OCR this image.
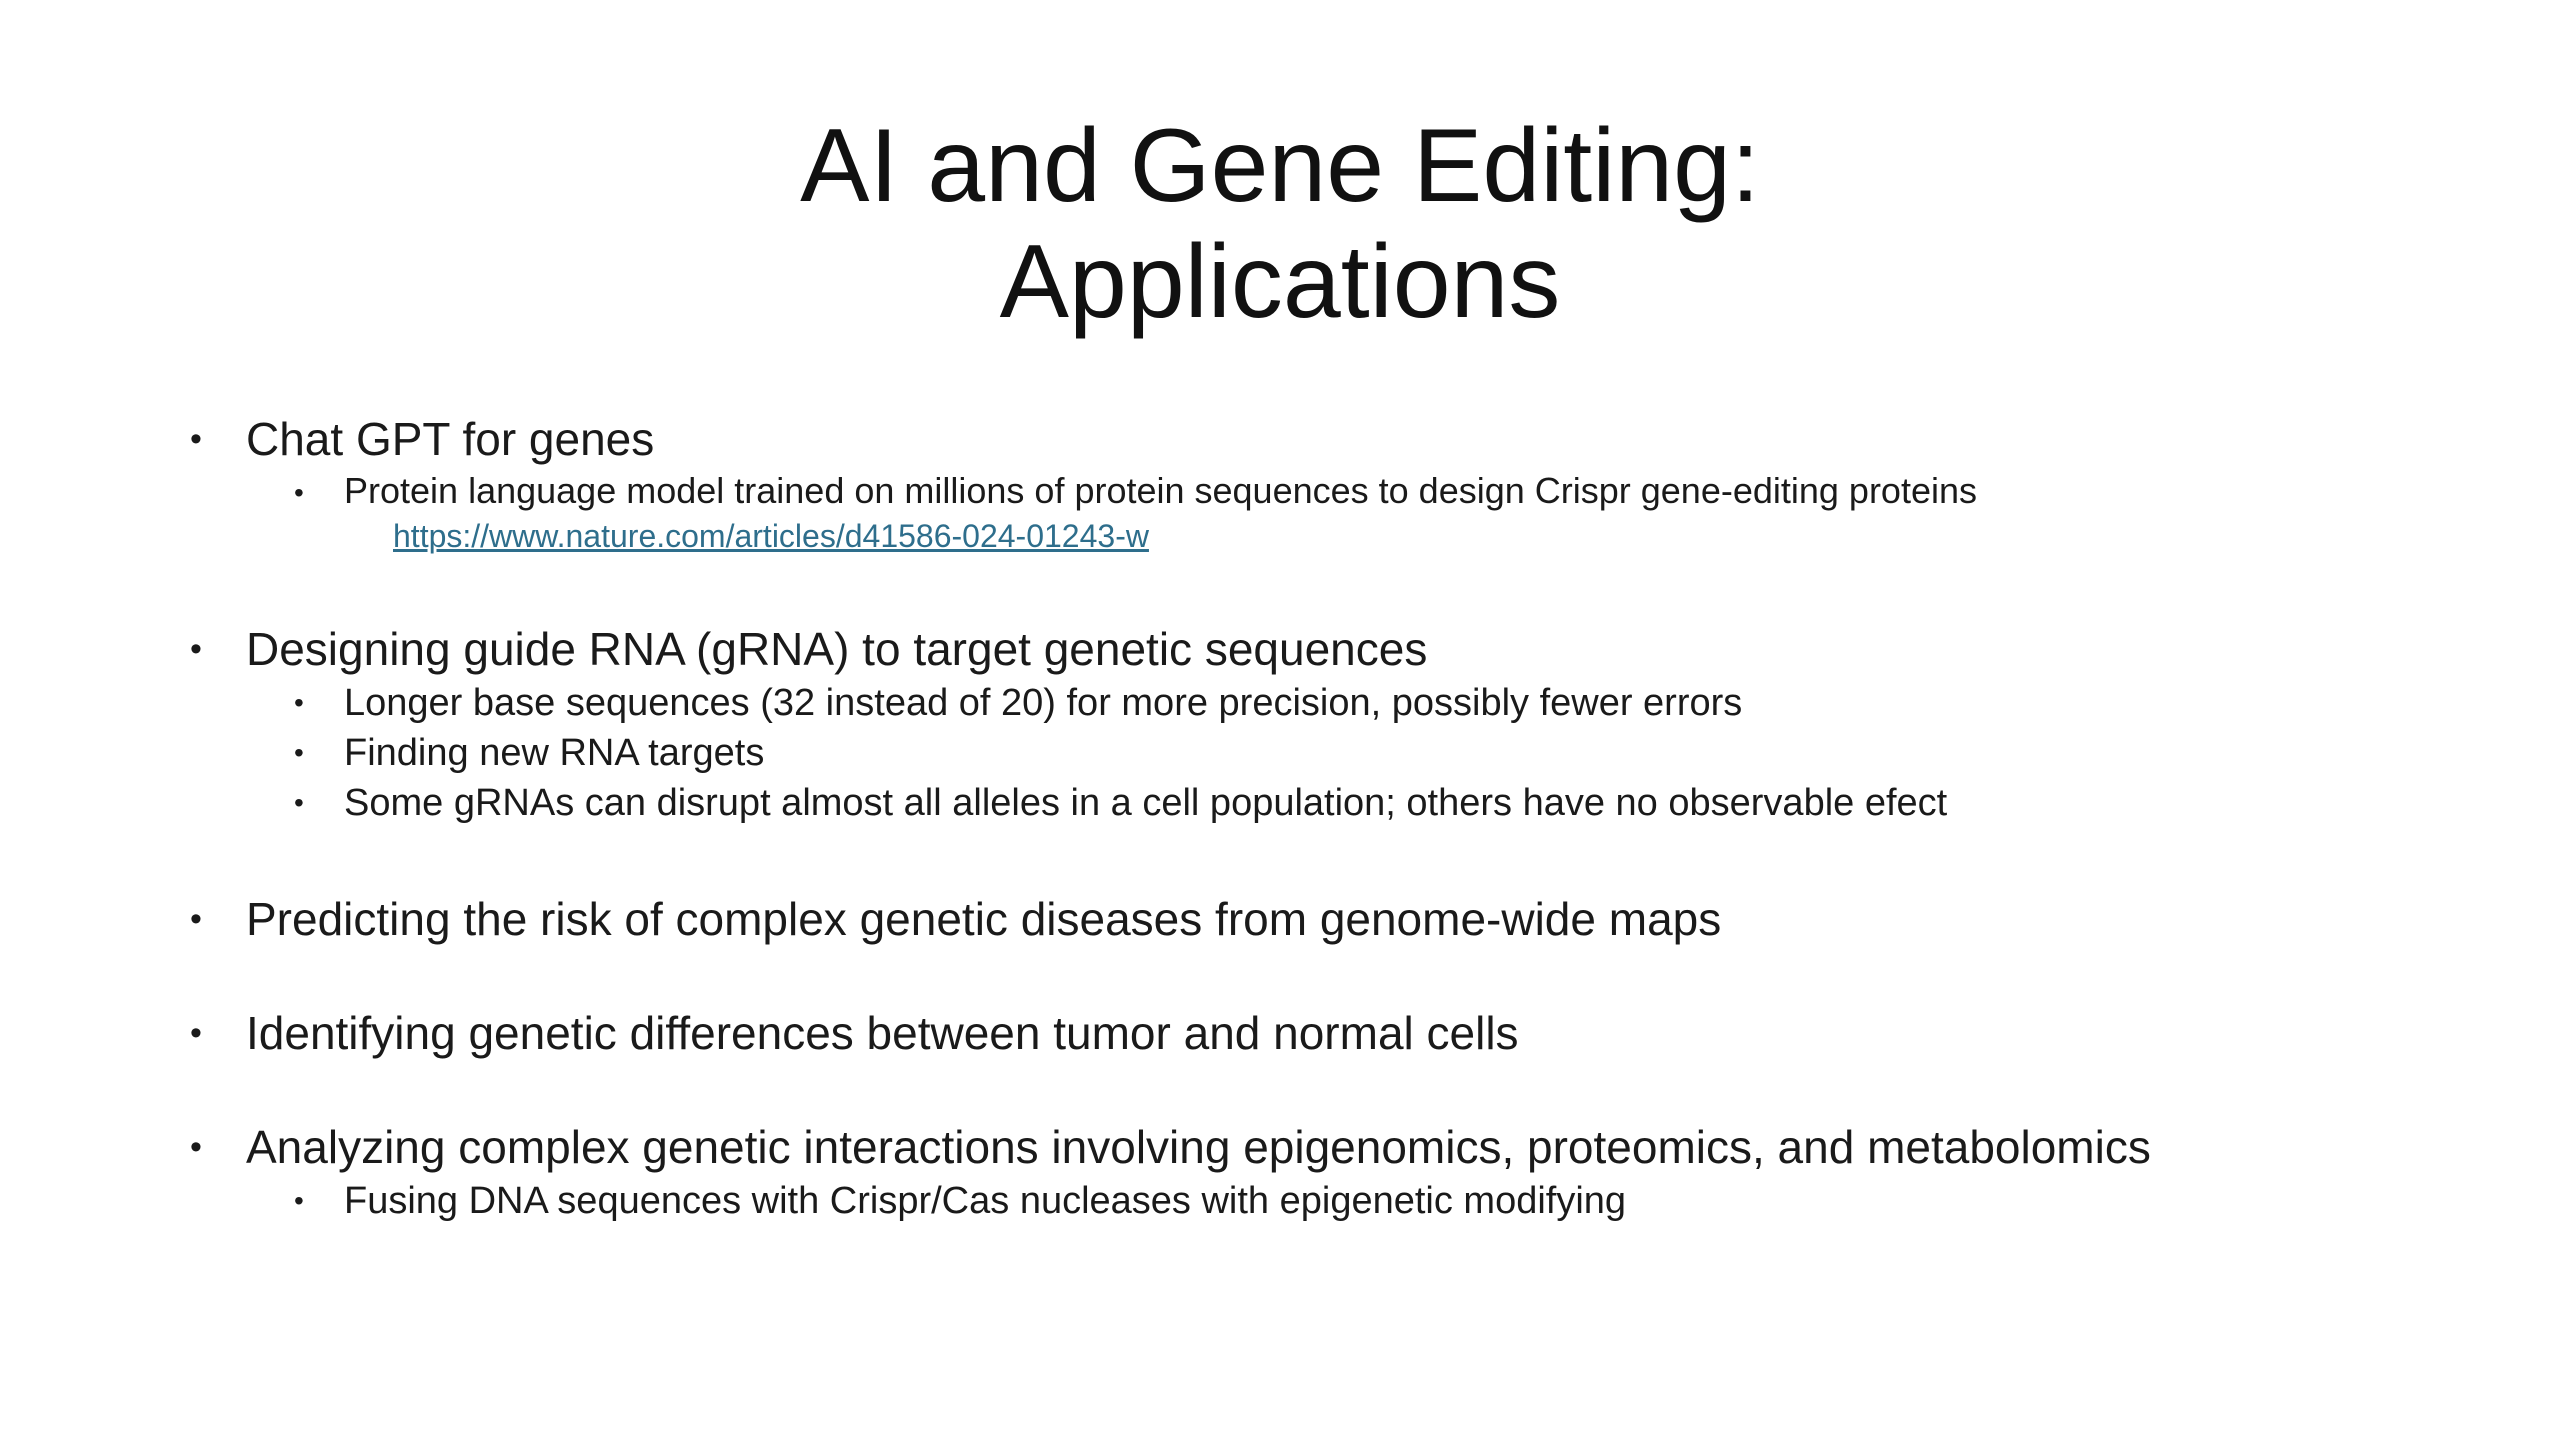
AI and Gene Editing:
Applications

• Chat GPT for genes

• Protein language model trained on millions of protein sequences to design Crispr gene-editing proteins

https://www.nature.com/articles/d41586-024-01243-w

• Designing guide RNA (gRNA) to target genetic sequences

• Longer base sequences (32 instead of 20) for more precision, possibly fewer errors

• Finding new RNA targets

• Some gRNAs can disrupt almost all alleles in a cell population; others have no observable efect

• Predicting the risk of complex genetic diseases from genome-wide maps

• Identifying genetic differences between tumor and normal cells

• Analyzing complex genetic interactions involving epigenomics, proteomics, and metabolomics

• Fusing DNA sequences with Crispr/Cas nucleases with epigenetic modifying
